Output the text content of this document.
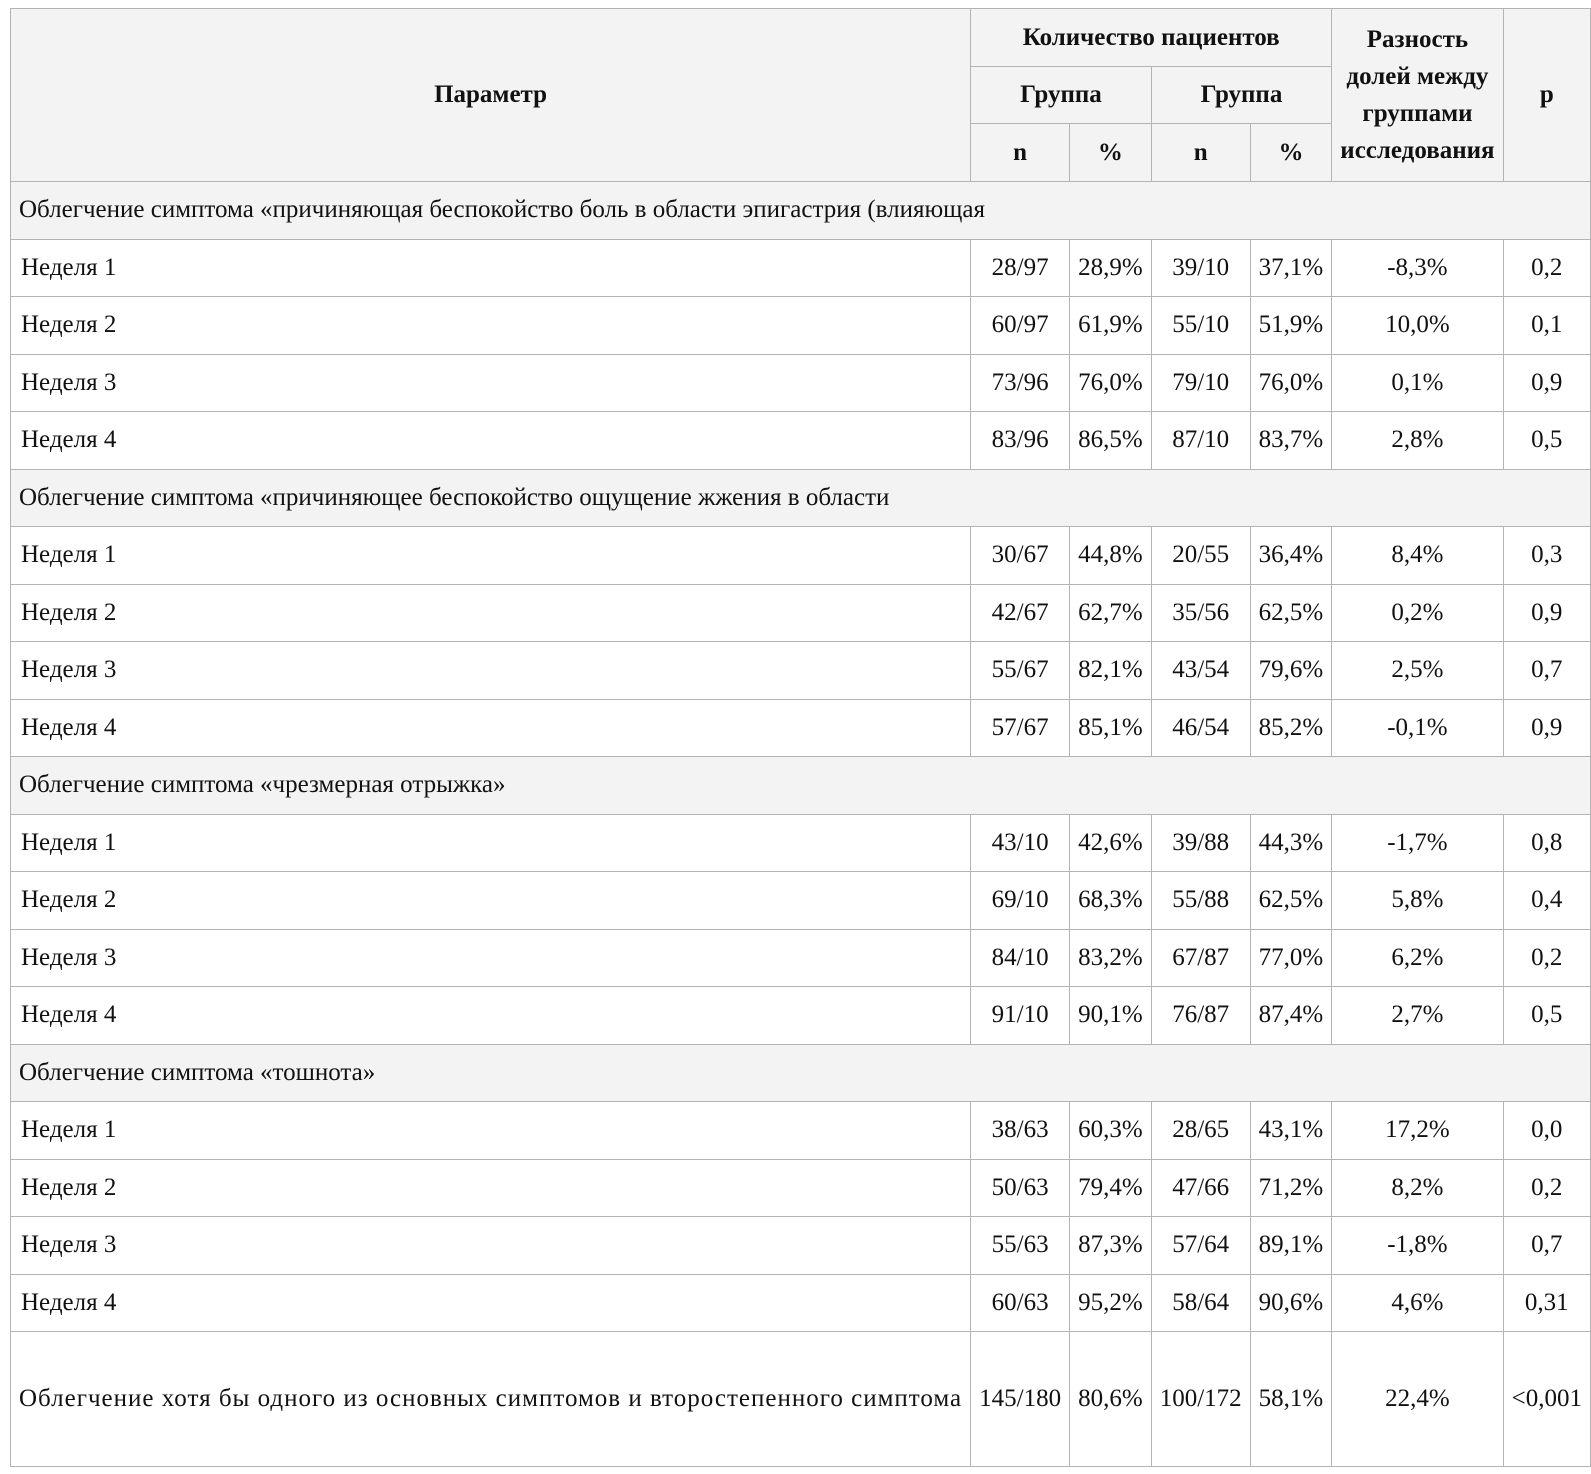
Параметр	Количество пациентов				Разность долей между группами исследования	p
	Группа		Группа			
	n	%	n	%		
Облегчение симптома «причиняющая беспокойство боль в области эпигастрия (влияющая						
Неделя 1	28/97	28,9%	39/10	37,1%	-8,3%	0,2
Неделя 2	60/97	61,9%	55/10	51,9%	10,0%	0,1
Неделя 3	73/96	76,0%	79/10	76,0%	0,1%	0,9
Неделя 4	83/96	86,5%	87/10	83,7%	2,8%	0,5
Облегчение симптома «причиняющее беспокойство ощущение жжения в области						
Неделя 1	30/67	44,8%	20/55	36,4%	8,4%	0,3
Неделя 2	42/67	62,7%	35/56	62,5%	0,2%	0,9
Неделя 3	55/67	82,1%	43/54	79,6%	2,5%	0,7
Неделя 4	57/67	85,1%	46/54	85,2%	-0,1%	0,9
Облегчение симптома «чрезмерная отрыжка»						
Неделя 1	43/10	42,6%	39/88	44,3%	-1,7%	0,8
Неделя 2	69/10	68,3%	55/88	62,5%	5,8%	0,4
Неделя 3	84/10	83,2%	67/87	77,0%	6,2%	0,2
Неделя 4	91/10	90,1%	76/87	87,4%	2,7%	0,5
Облегчение симптома «тошнота»						
Неделя 1	38/63	60,3%	28/65	43,1%	17,2%	0,0
Неделя 2	50/63	79,4%	47/66	71,2%	8,2%	0,2
Неделя 3	55/63	87,3%	57/64	89,1%	-1,8%	0,7
Неделя 4	60/63	95,2%	58/64	90,6%	4,6%	0,31
Облегчение хотя бы одного из основных симптомов и второстепенного симптома	145/180	80,6%	100/172	58,1%	22,4%	<0,001
